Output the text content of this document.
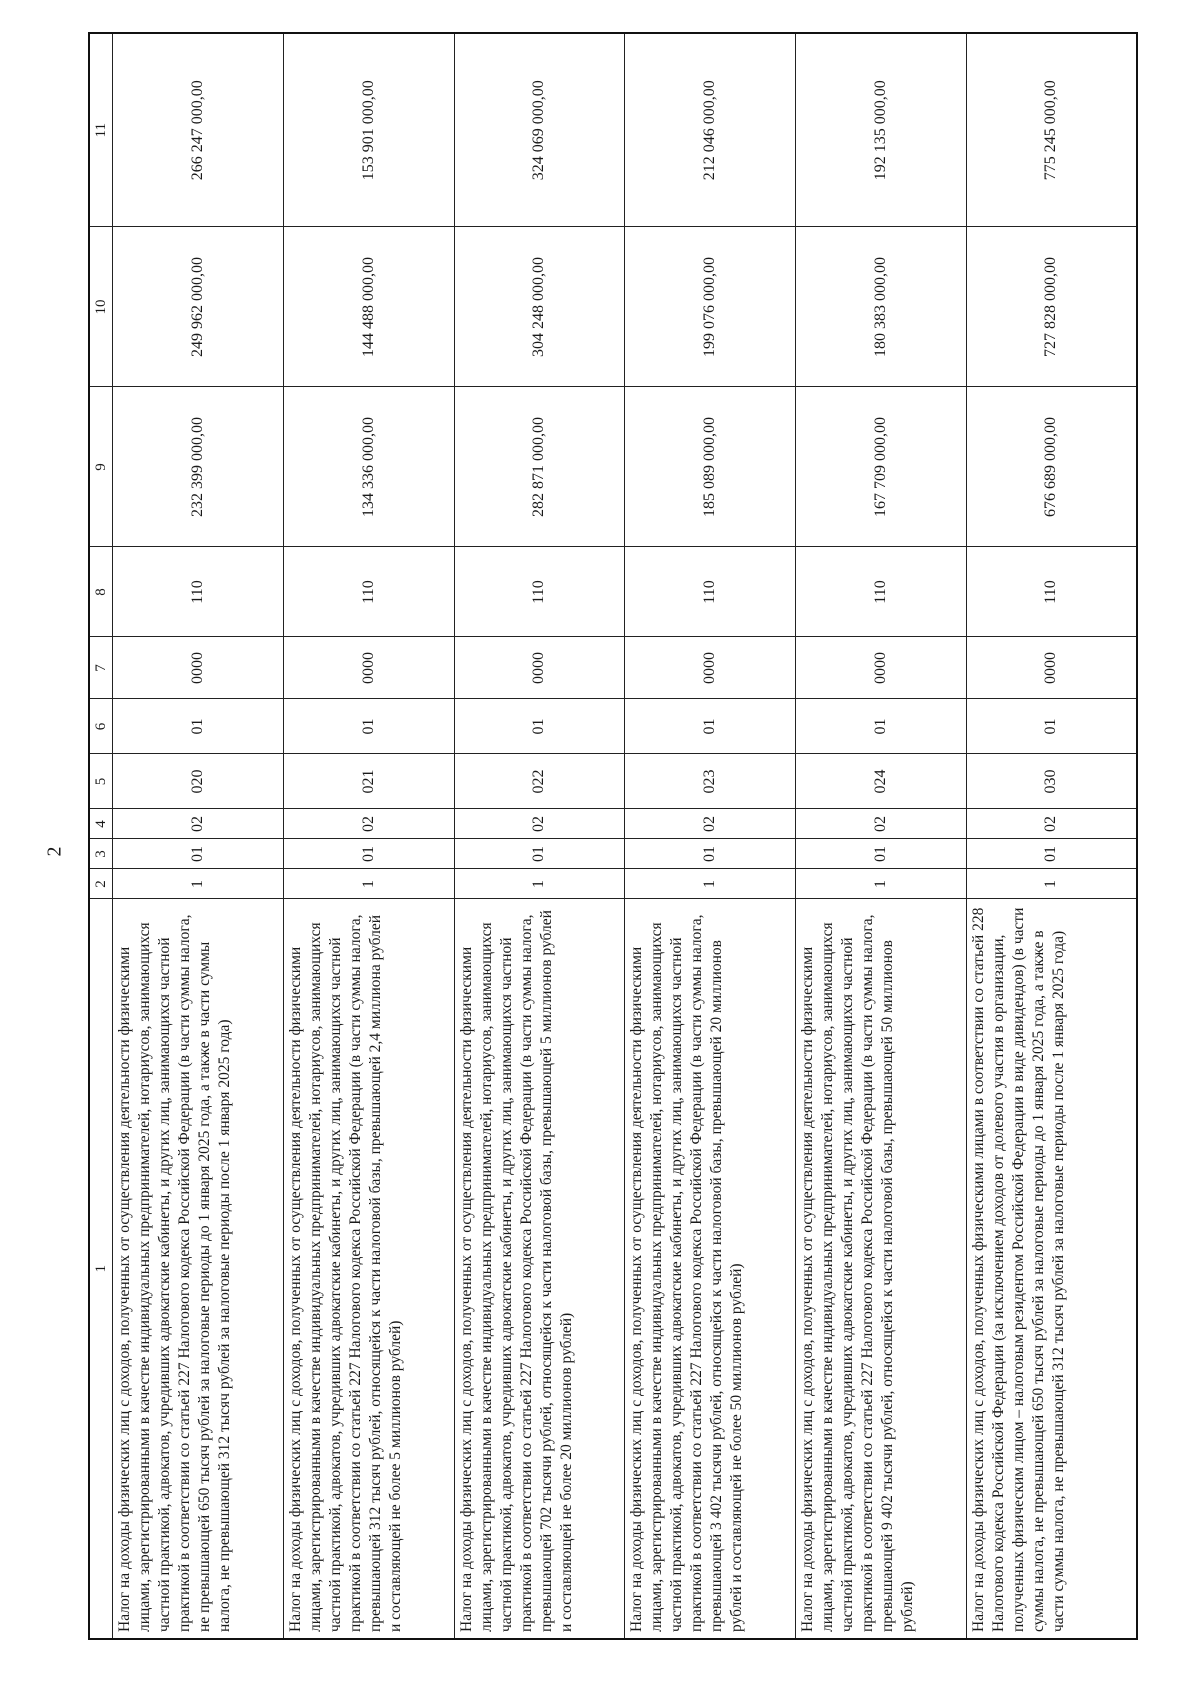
2
1	2	3	4	5	6	7	8	9	10	11
Налог на доходы физических лиц с доходов, полученных от осуществления деятельности физическими лицами, зарегистрированными в качестве индивидуальных предпринимателей, нотариусов, занимающихся частной практикой, адвокатов, учредивших адвокатские кабинеты, и других лиц, занимающихся частной практикой в соответствии со статьей 227 Налогового кодекса Российской Федерации (в части суммы налога, не превышающей 650 тысяч рублей за налоговые периоды до 1 января 2025 года, а также в части суммы налога, не превышающей 312 тысяч рублей за налоговые периоды после 1 января 2025 года)	1	01	02	020	01	0000	110	232 399 000,00	249 962 000,00	266 247 000,00
Налог на доходы физических лиц с доходов, полученных от осуществления деятельности физическими лицами, зарегистрированными в качестве индивидуальных предпринимателей, нотариусов, занимающихся частной практикой, адвокатов, учредивших адвокатские кабинеты, и других лиц, занимающихся частной практикой в соответствии со статьей 227 Налогового кодекса Российской Федерации (в части суммы налога, превышающей 312 тысяч рублей, относящейся к части налоговой базы, превышающей 2,4 миллиона рублей и составляющей не более 5 миллионов рублей)	1	01	02	021	01	0000	110	134 336 000,00	144 488 000,00	153 901 000,00
Налог на доходы физических лиц с доходов, полученных от осуществления деятельности физическими лицами, зарегистрированными в качестве индивидуальных предпринимателей, нотариусов, занимающихся частной практикой, адвокатов, учредивших адвокатские кабинеты, и других лиц, занимающихся частной практикой в соответствии со статьей 227 Налогового кодекса Российской Федерации (в части суммы налога, превышающей 702 тысячи рублей, относящейся к части налоговой базы, превышающей 5 миллионов рублей и составляющей не более 20 миллионов рублей)	1	01	02	022	01	0000	110	282 871 000,00	304 248 000,00	324 069 000,00
Налог на доходы физических лиц с доходов, полученных от осуществления деятельности физическими лицами, зарегистрированными в качестве индивидуальных предпринимателей, нотариусов, занимающихся частной практикой, адвокатов, учредивших адвокатские кабинеты, и других лиц, занимающихся частной практикой в соответствии со статьей 227 Налогового кодекса Российской Федерации (в части суммы налога, превышающей 3 402 тысячи рублей, относящейся к части налоговой базы, превышающей 20 миллионов рублей и составляющей не более 50 миллионов рублей)	1	01	02	023	01	0000	110	185 089 000,00	199 076 000,00	212 046 000,00
Налог на доходы физических лиц с доходов, полученных от осуществления деятельности физическими лицами, зарегистрированными в качестве индивидуальных предпринимателей, нотариусов, занимающихся частной практикой, адвокатов, учредивших адвокатские кабинеты, и других лиц, занимающихся частной практикой в соответствии со статьей 227 Налогового кодекса Российской Федерации (в части суммы налога, превышающей 9 402 тысячи рублей, относящейся к части налоговой базы, превышающей 50 миллионов рублей)	1	01	02	024	01	0000	110	167 709 000,00	180 383 000,00	192 135 000,00
Налог на доходы физических лиц с доходов, полученных физическими лицами в соответствии со статьей 228 Налогового кодекса Российской Федерации (за исключением доходов от долевого участия в организации, полученных физическим лицом – налоговым резидентом Российской Федерации в виде дивидендов) (в части суммы налога, не превышающей 650 тысяч рублей за налоговые периоды до 1 января 2025 года, а также в части суммы налога, не превышающей 312 тысяч рублей за налоговые периоды после 1 января 2025 года)	1	01	02	030	01	0000	110	676 689 000,00	727 828 000,00	775 245 000,00
